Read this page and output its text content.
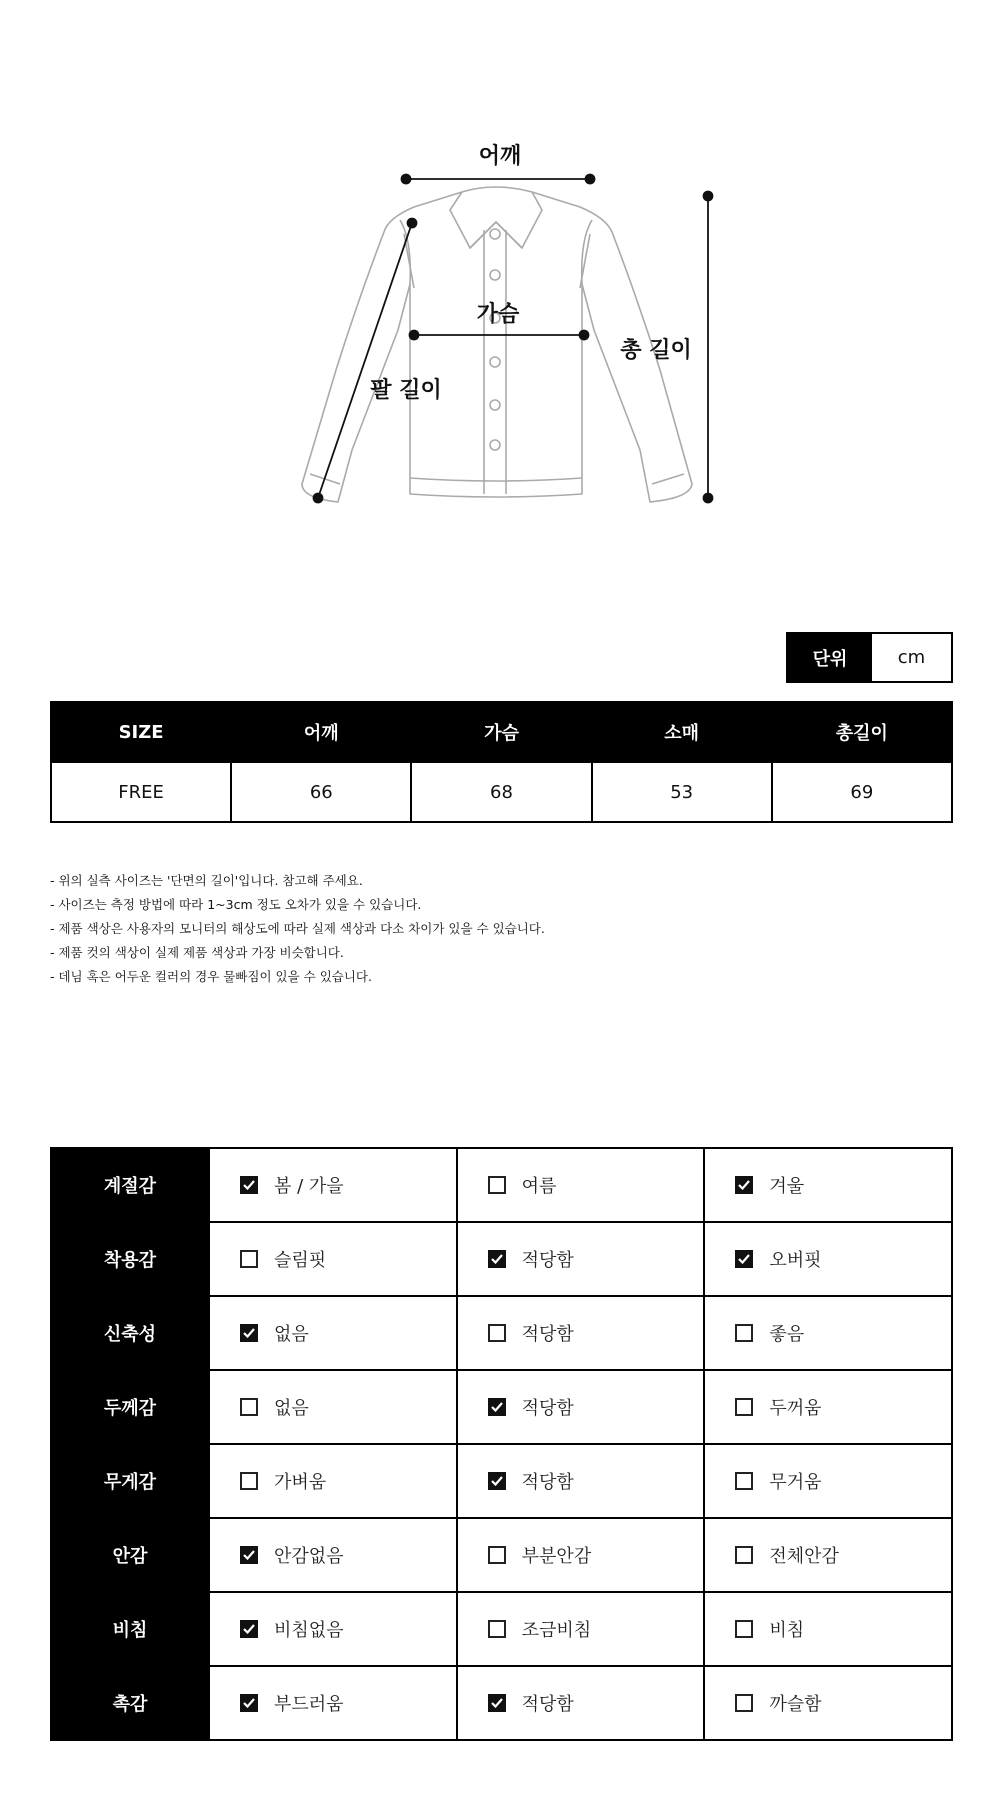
어깨
가슴
팔 길이
총 길이
단위	cm
SIZE	어깨	가슴	소매	총길이
FREE	66	68	53	69
- 위의 실측 사이즈는 '단면의 길이'입니다. 참고해 주세요.
- 사이즈는 측정 방법에 따라 1~3cm 정도 오차가 있을 수 있습니다.
- 제품 색상은 사용자의 모니터의 해상도에 따라 실제 색상과 다소 차이가 있을 수 있습니다.
- 제품 컷의 색상이 실제 제품 색상과 가장 비슷합니다.
- 데님 혹은 어두운 컬러의 경우 물빠짐이 있을 수 있습니다.
계절감	봄 / 가을	여름	겨울

착용감	슬림핏	적당함	오버핏

신축성	없음	적당함	좋음

두께감	없음	적당함	두꺼움

무게감	가벼움	적당함	무거움

안감	안감없음	부분안감	전체안감

비침	비침없음	조금비침	비침

촉감	부드러움	적당함	까슬함
